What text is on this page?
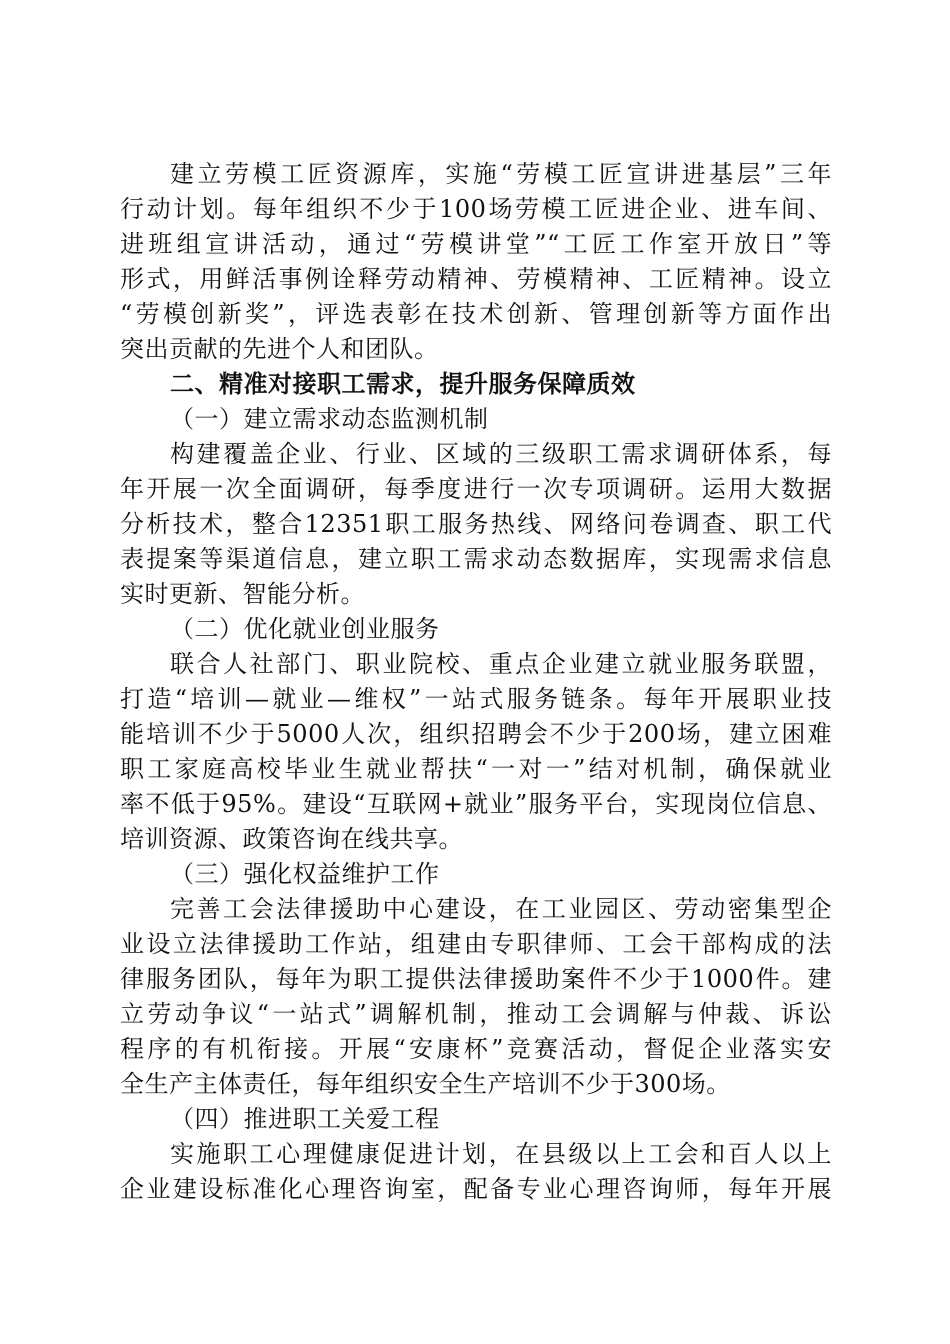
建立劳模工匠资源库，实施“劳模工匠宣讲进基层”三年
行动计划。每年组织不少于100场劳模工匠进企业、进车间、
进班组宣讲活动，通过“劳模讲堂”“工匠工作室开放日”等
形式，用鲜活事例诠释劳动精神、劳模精神、工匠精神。设立
“劳模创新奖”，评选表彰在技术创新、管理创新等方面作出
突出贡献的先进个人和团队。
二、精准对接职工需求，提升服务保障质效
（一）建立需求动态监测机制
构建覆盖企业、行业、区域的三级职工需求调研体系，每
年开展一次全面调研，每季度进行一次专项调研。运用大数据
分析技术，整合12351职工服务热线、网络问卷调查、职工代
表提案等渠道信息，建立职工需求动态数据库，实现需求信息
实时更新、智能分析。
（二）优化就业创业服务
联合人社部门、职业院校、重点企业建立就业服务联盟，
打造“培训—就业—维权”一站式服务链条。每年开展职业技
能培训不少于5000人次，组织招聘会不少于200场，建立困难
职工家庭高校毕业生就业帮扶“一对一”结对机制，确保就业
率不低于95%。建设“互联网+就业”服务平台，实现岗位信息、
培训资源、政策咨询在线共享。
（三）强化权益维护工作
完善工会法律援助中心建设，在工业园区、劳动密集型企
业设立法律援助工作站，组建由专职律师、工会干部构成的法
律服务团队，每年为职工提供法律援助案件不少于1000件。建
立劳动争议“一站式”调解机制，推动工会调解与仲裁、诉讼
程序的有机衔接。开展“安康杯”竞赛活动，督促企业落实安
全生产主体责任，每年组织安全生产培训不少于300场。
（四）推进职工关爱工程
实施职工心理健康促进计划，在县级以上工会和百人以上
企业建设标准化心理咨询室，配备专业心理咨询师，每年开展
